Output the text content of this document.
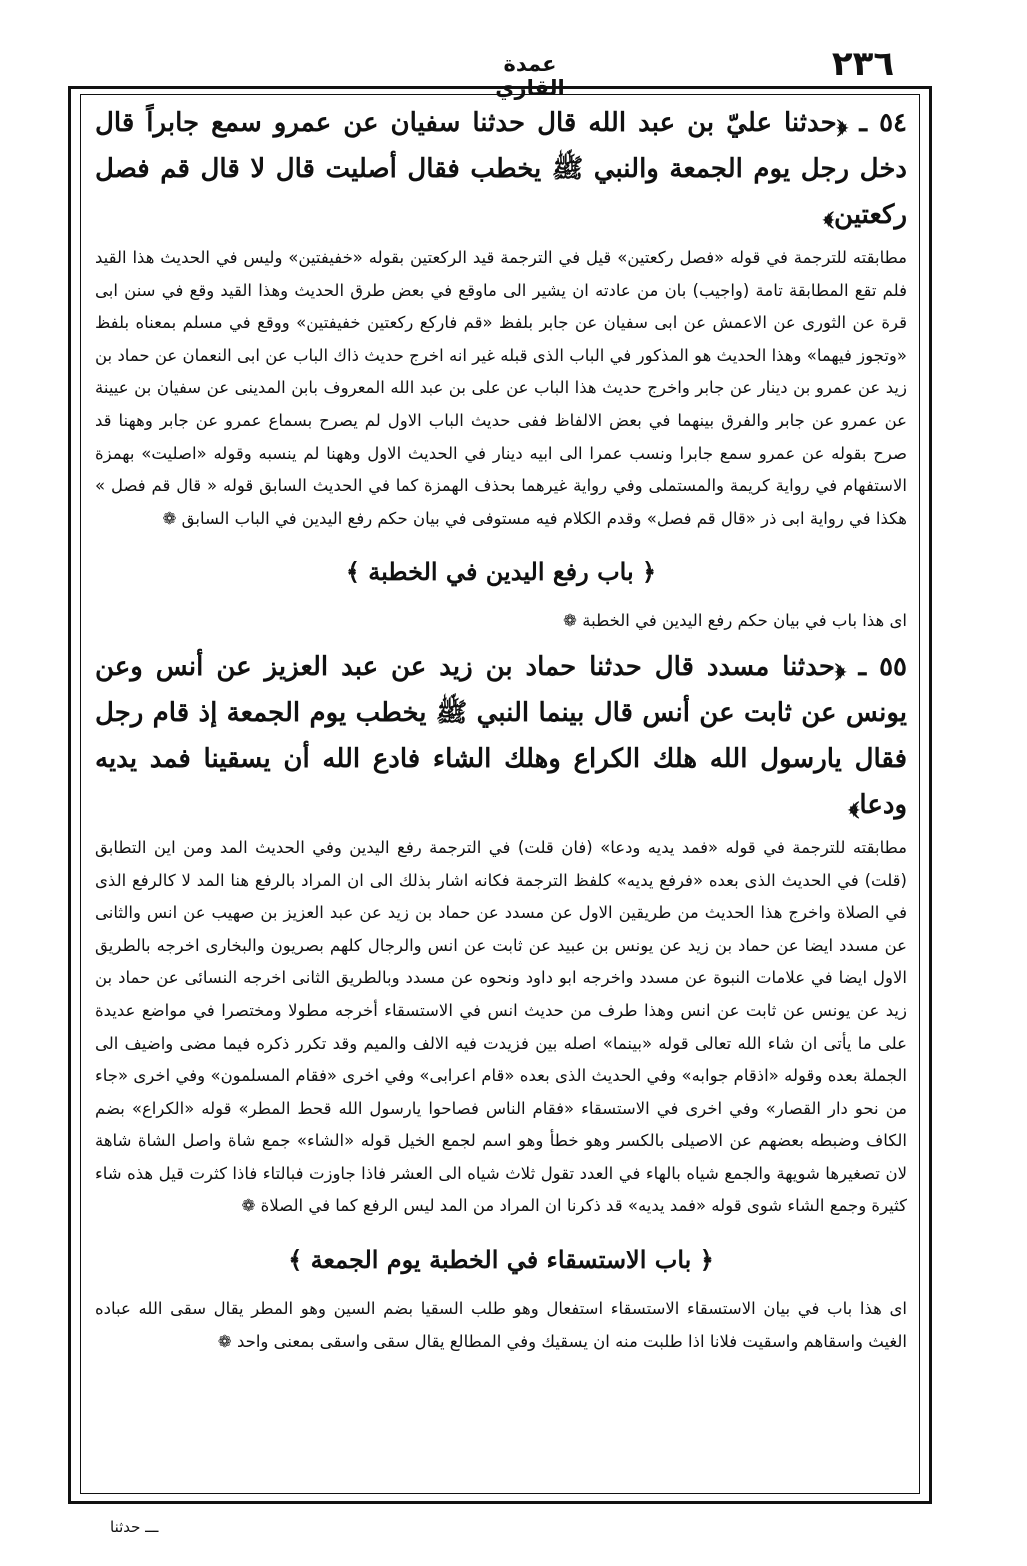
٢٣٦
عمدة القاري

٥٤ ـ ﴿حدثنا عليّ بن عبد الله قال حدثنا سفيان عن عمرو سمع جابراً قال دخل رجل يوم الجمعة والنبي ﷺ يخطب فقال أصليت قال لا قال قم فصل ركعتين﴾

مطابقته للترجمة في قوله «فصل ركعتين» قيل في الترجمة قيد الركعتين بقوله «خفيفتين» وليس في الحديث هذا القيد فلم تقع المطابقة تامة (واجيب) بان من عادته ان يشير الى ماوقع في بعض طرق الحديث وهذا القيد وقع في سنن ابى قرة عن الثورى عن الاعمش عن ابى سفيان عن جابر بلفظ «قم فاركع ركعتين خفيفتين» ووقع في مسلم بمعناه بلفظ «وتجوز فيهما» وهذا الحديث هو المذكور في الباب الذى قبله غير انه اخرج حديث ذاك الباب عن ابى النعمان عن حماد بن زيد عن عمرو بن دينار عن جابر واخرج حديث هذا الباب عن على بن عبد الله المعروف بابن المدينى عن سفيان بن عيينة عن عمرو عن جابر والفرق بينهما في بعض الالفاظ ففى حديث الباب الاول لم يصرح بسماع عمرو عن جابر وههنا قد صرح بقوله عن عمرو سمع جابرا ونسب عمرا الى ابيه دينار في الحديث الاول وههنا لم ينسبه وقوله «اصليت» بهمزة الاستفهام في رواية كريمة والمستملى وفي رواية غيرهما بحذف الهمزة كما في الحديث السابق قوله « قال قم فصل » هكذا في رواية ابى ذر «قال قم فصل» وقدم الكلام فيه مستوفى في بيان حكم رفع اليدين في الباب السابق ❁

﴿ باب رفع اليدين في الخطبة ﴾

اى هذا باب في بيان حكم رفع اليدين في الخطبة ❁

٥٥ ـ ﴿حدثنا مسدد قال حدثنا حماد بن زيد عن عبد العزيز عن أنس وعن يونس عن ثابت عن أنس قال بينما النبي ﷺ يخطب يوم الجمعة إذ قام رجل فقال يارسول الله هلك الكراع وهلك الشاء فادع الله أن يسقينا فمد يديه ودعا﴾

مطابقته للترجمة في قوله «فمد يديه ودعا» (فان قلت) في الترجمة رفع اليدين وفي الحديث المد ومن اين التطابق (قلت) في الحديث الذى بعده «فرفع يديه» كلفظ الترجمة فكانه اشار بذلك الى ان المراد بالرفع هنا المد لا كالرفع الذى في الصلاة واخرج هذا الحديث من طريقين الاول عن مسدد عن حماد بن زيد عن عبد العزيز بن صهيب عن انس والثانى عن مسدد ايضا عن حماد بن زيد عن يونس بن عبيد عن ثابت عن انس والرجال كلهم بصريون والبخارى اخرجه بالطريق الاول ايضا في علامات النبوة عن مسدد واخرجه ابو داود ونحوه عن مسدد وبالطريق الثانى اخرجه النسائى عن حماد بن زيد عن يونس عن ثابت عن انس وهذا طرف من حديث انس في الاستسقاء أخرجه مطولا ومختصرا في مواضع عديدة على ما يأتى ان شاء الله تعالى قوله «بينما» اصله بين فزيدت فيه الالف والميم وقد تكرر ذكره فيما مضى واضيف الى الجملة بعده وقوله «اذقام جوابه» وفي الحديث الذى بعده «قام اعرابى» وفي اخرى «فقام المسلمون» وفي اخرى «جاء من نحو دار القصار» وفي اخرى في الاستسقاء «فقام الناس فصاحوا يارسول الله قحط المطر» قوله «الكراع» بضم الكاف وضبطه بعضهم عن الاصيلى بالكسر وهو خطأ وهو اسم لجمع الخيل قوله «الشاء» جمع شاة واصل الشاة شاهة لان تصغيرها شويهة والجمع شياه بالهاء في العدد تقول ثلاث شياه الى العشر فاذا جاوزت فبالتاء فاذا كثرت قيل هذه شاء كثيرة وجمع الشاء شوى قوله «فمد يديه» قد ذكرنا ان المراد من المد ليس الرفع كما في الصلاة ❁

﴿ باب الاستسقاء في الخطبة يوم الجمعة ﴾

اى هذا باب في بيان الاستسقاء الاستسقاء استفعال وهو طلب السقيا بضم السين وهو المطر يقال سقى الله عباده الغيث واسقاهم واسقيت فلانا اذا طلبت منه ان يسقيك وفي المطالع يقال سقى واسقى بمعنى واحد ❁

ـــ حدثنا
